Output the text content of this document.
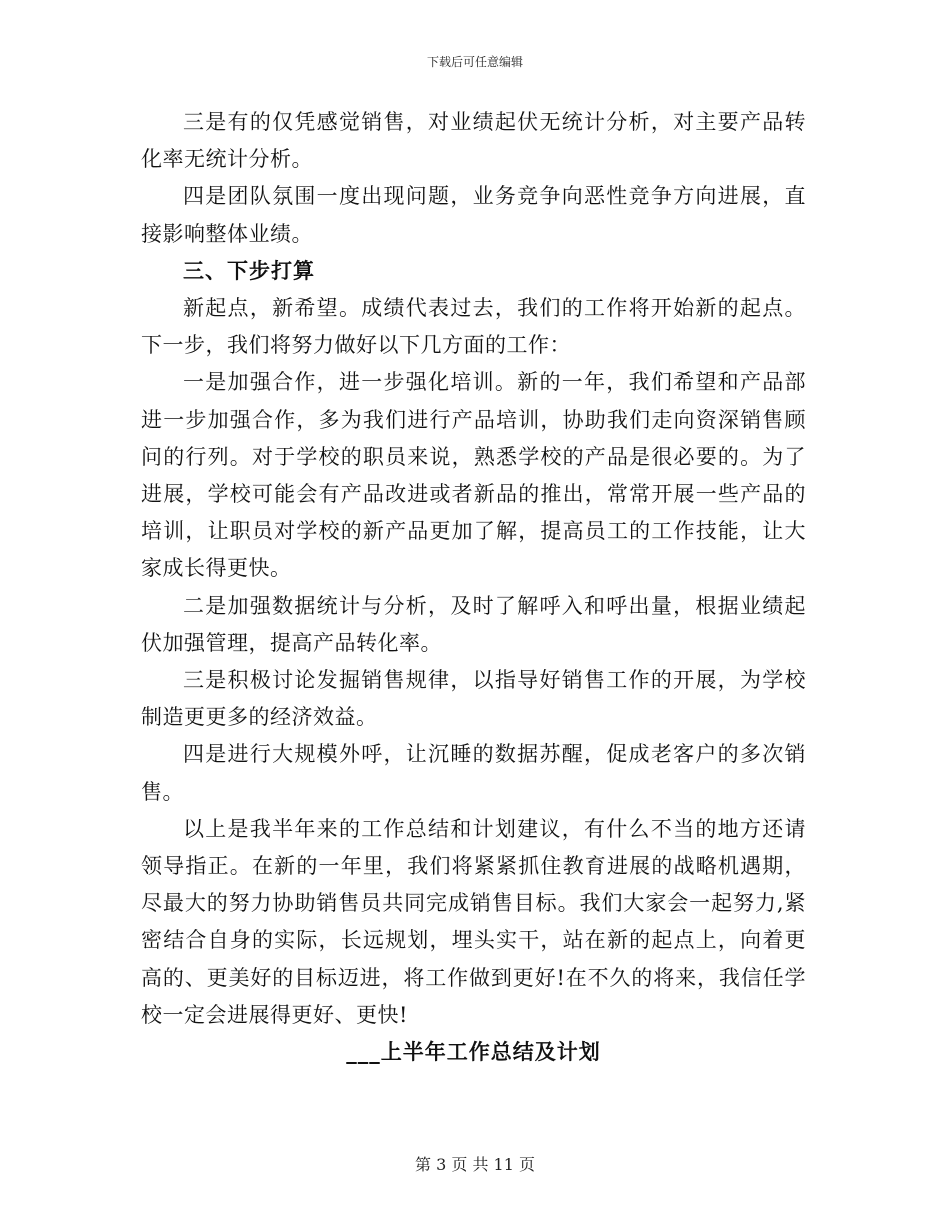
下载后可任意编辑

三是有的仅凭感觉销售，对业绩起伏无统计分析，对主要产品转化率无统计分析。

四是团队氛围一度出现问题，业务竞争向恶性竞争方向进展，直接影响整体业绩。

三、下步打算

新起点，新希望。成绩代表过去，我们的工作将开始新的起点。下一步，我们将努力做好以下几方面的工作：

一是加强合作，进一步强化培训。新的一年，我们希望和产品部进一步加强合作，多为我们进行产品培训，协助我们走向资深销售顾问的行列。对于学校的职员来说，熟悉学校的产品是很必要的。为了进展，学校可能会有产品改进或者新品的推出，常常开展一些产品的培训，让职员对学校的新产品更加了解，提高员工的工作技能，让大家成长得更快。

二是加强数据统计与分析，及时了解呼入和呼出量，根据业绩起伏加强管理，提高产品转化率。

三是积极讨论发掘销售规律，以指导好销售工作的开展，为学校制造更更多的经济效益。

四是进行大规模外呼，让沉睡的数据苏醒，促成老客户的多次销售。

以上是我半年来的工作总结和计划建议，有什么不当的地方还请领导指正。在新的一年里，我们将紧紧抓住教育进展的战略机遇期，尽最大的努力协助销售员共同完成销售目标。我们大家会一起努力,紧密结合自身的实际，长远规划，埋头实干，站在新的起点上，向着更高的、更美好的目标迈进，将工作做到更好!在不久的将来，我信任学校一定会进展得更好、更快!

___上半年工作总结及计划

第 3 页 共 11 页
